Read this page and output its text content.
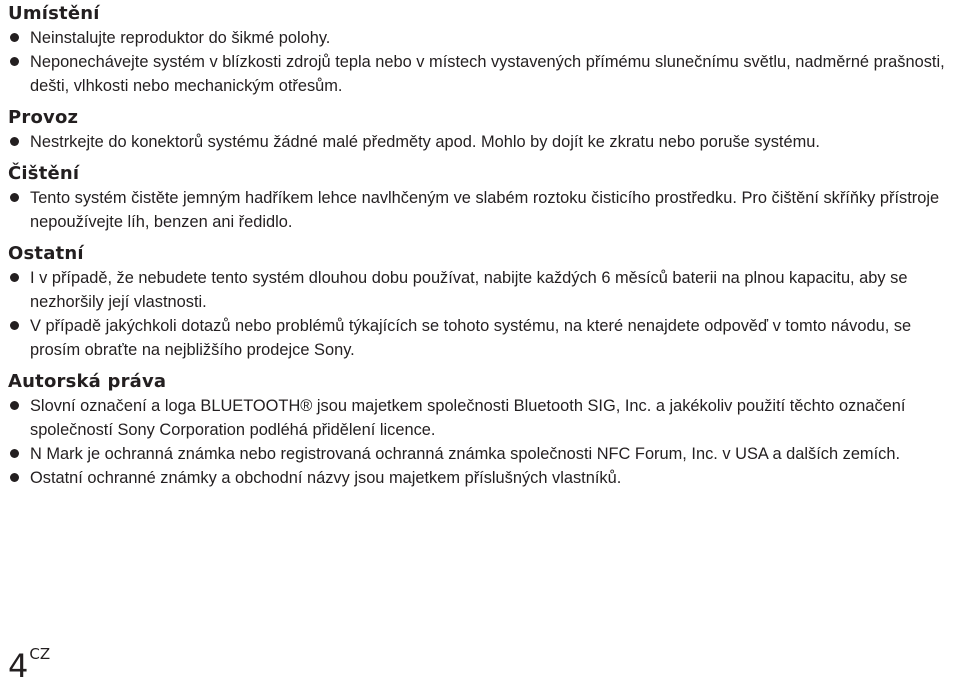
Umístění
Neinstalujte reproduktor do šikmé polohy.
Neponechávejte systém v blízkosti zdrojů tepla nebo v místech vystavených přímému slunečnímu světlu, nadměrné prašnosti, dešti, vlhkosti nebo mechanickým otřesům.
Provoz
Nestrkejte do konektorů systému žádné malé předměty apod. Mohlo by dojít ke zkratu nebo poruše systému.
Čištění
Tento systém čistěte jemným hadříkem lehce navlhčeným ve slabém roztoku čisticího prostředku. Pro čištění skříňky přístroje nepoužívejte líh, benzen ani ředidlo.
Ostatní
I v případě, že nebudete tento systém dlouhou dobu používat, nabijte každých 6 měsíců baterii na plnou kapacitu, aby se nezhoršily její vlastnosti.
V případě jakýchkoli dotazů nebo problémů týkajících se tohoto systému, na které nenajdete odpověď v tomto návodu, se prosím obraťte na nejbližšího prodejce Sony.
Autorská práva
Slovní označení a loga BLUETOOTH® jsou majetkem společnosti Bluetooth SIG, Inc. a jakékoliv použití těchto označení společností Sony Corporation podléhá přidělení licence.
N Mark je ochranná známka nebo registrovaná ochranná známka společnosti NFC Forum, Inc. v USA a dalších zemích.
Ostatní ochranné známky a obchodní názvy jsou majetkem příslušných vlastníků.
$4^{CZ}$
